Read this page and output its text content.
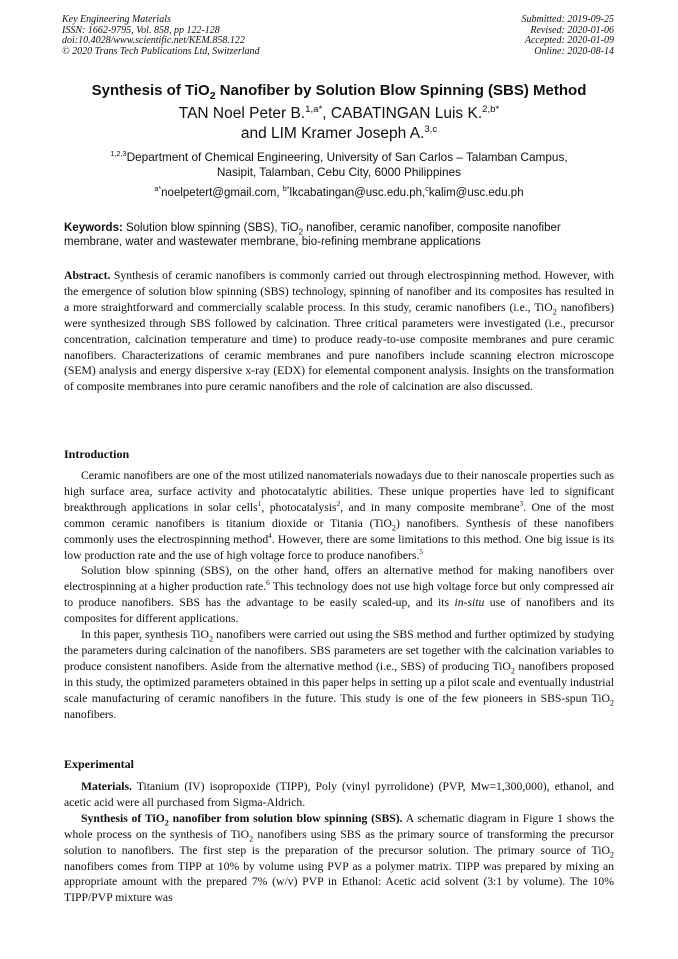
Key Engineering Materials
ISSN: 1662-9795, Vol. 858, pp 122-128
doi:10.4028/www.scientific.net/KEM.858.122
© 2020 Trans Tech Publications Ltd, Switzerland
Submitted: 2019-09-25
Revised: 2020-01-06
Accepted: 2020-01-09
Online: 2020-08-14
Synthesis of TiO$_2$ Nanofiber by Solution Blow Spinning (SBS) Method
TAN Noel Peter B.$^{1,a*}$, CABATINGAN Luis K.$^{2,b*}$
and LIM Kramer Joseph A.$^{3,c}$
$^{1,2,3}$Department of Chemical Engineering, University of San Carlos – Talamban Campus,
Nasipit, Talamban, Cebu City, 6000 Philippines
$^{a*}$noelpetert@gmail.com, $^{b*}$lkcabatingan@usc.edu.ph,$^c$kalim@usc.edu.ph
Keywords: Solution blow spinning (SBS), TiO$_2$ nanofiber, ceramic nanofiber, composite nanofiber membrane, water and wastewater membrane, bio-refining membrane applications

Abstract. Synthesis of ceramic nanofibers is commonly carried out through electrospinning method. However, with the emergence of solution blow spinning (SBS) technology, spinning of nanofiber and its composites has resulted in a more straightforward and commercially scalable process. In this study, ceramic nanofibers (i.e., TiO$_2$ nanofibers) were synthesized through SBS followed by calcination. Three critical parameters were investigated (i.e., precursor concentration, calcination temperature and time) to produce ready-to-use composite membranes and pure ceramic nanofibers. Characterizations of ceramic membranes and pure nanofibers include scanning electron microscope (SEM) analysis and energy dispersive x-ray (EDX) for elemental component analysis. Insights on the transformation of composite membranes into pure ceramic nanofibers and the role of calcination are also discussed.

Introduction

Ceramic nanofibers are one of the most utilized nanomaterials nowadays due to their nanoscale properties such as high surface area, surface activity and photocatalytic abilities. These unique properties have led to significant breakthrough applications in solar cells$^1$, photocatalysis$^2$, and in many composite membrane$^3$. One of the most common ceramic nanofibers is titanium dioxide or Titania (TiO$_2$) nanofibers. Synthesis of these nanofibers commonly uses the electrospinning method$^4$. However, there are some limitations to this method. One big issue is its low production rate and the use of high voltage force to produce nanofibers.$^5$

Solution blow spinning (SBS), on the other hand, offers an alternative method for making nanofibers over electrospinning at a higher production rate.$^6$ This technology does not use high voltage force but only compressed air to produce nanofibers. SBS has the advantage to be easily scaled-up, and its in-situ use of nanofibers and its composites for different applications.

In this paper, synthesis TiO$_2$ nanofibers were carried out using the SBS method and further optimized by studying the parameters during calcination of the nanofibers. SBS parameters are set together with the calcination variables to produce consistent nanofibers. Aside from the alternative method (i.e., SBS) of producing TiO$_2$ nanofibers proposed in this study, the optimized parameters obtained in this paper helps in setting up a pilot scale and eventually industrial scale manufacturing of ceramic nanofibers in the future. This study is one of the few pioneers in SBS-spun TiO$_2$ nanofibers.

Experimental

Materials. Titanium (IV) isopropoxide (TIPP), Poly (vinyl pyrrolidone) (PVP, Mw=1,300,000), ethanol, and acetic acid were all purchased from Sigma-Aldrich.

Synthesis of TiO$_2$ nanofiber from solution blow spinning (SBS). A schematic diagram in Figure 1 shows the whole process on the synthesis of TiO$_2$ nanofibers using SBS as the primary source of transforming the precursor solution to nanofibers. The first step is the preparation of the precursor solution. The primary source of TiO$_2$ nanofibers comes from TIPP at 10% by volume using PVP as a polymer matrix. TIPP was prepared by mixing an appropriate amount with the prepared 7% (w/v) PVP in Ethanol: Acetic acid solvent (3:1 by volume). The 10% TIPP/PVP mixture was
